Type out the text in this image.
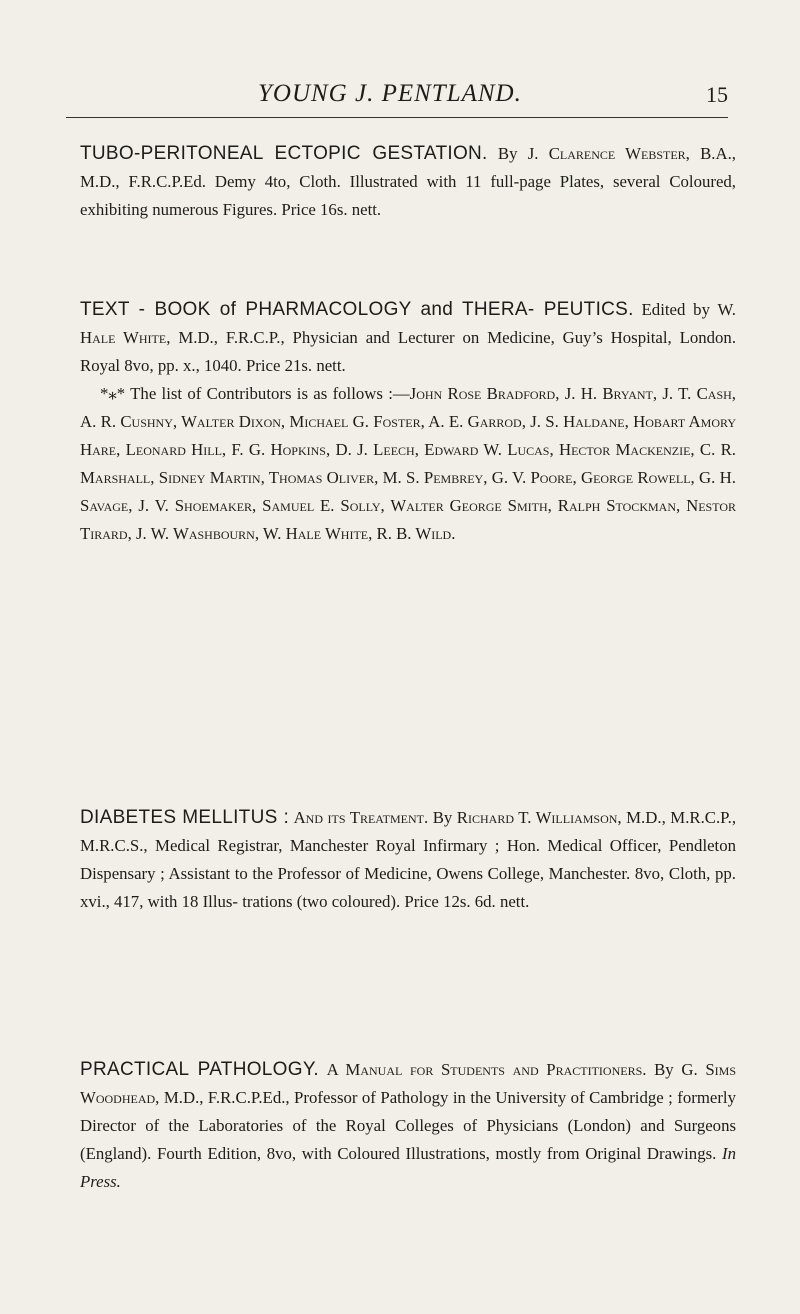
YOUNG J. PENTLAND.	15

TUBO-PERITONEAL ECTOPIC GESTATION. By J. Clarence Webster, B.A., M.D., F.R.C.P.Ed. Demy 4to, Cloth. Illustrated with 11 full-page Plates, several Coloured, exhibiting numerous Figures. Price 16s. nett.

TEXT - BOOK of PHARMACOLOGY and THERA- PEUTICS. Edited by W. Hale White, M.D., F.R.C.P., Physician and Lecturer on Medicine, Guy’s Hospital, London. Royal 8vo, pp. x., 1040. Price 21s. nett.

*⁎* The list of Contributors is as follows :—John Rose Bradford, J. H. Bryant, J. T. Cash, A. R. Cushny, Walter Dixon, Michael G. Foster, A. E. Garrod, J. S. Haldane, Hobart Amory Hare, Leonard Hill, F. G. Hopkins, D. J. Leech, Edward W. Lucas, Hector Mackenzie, C. R. Marshall, Sidney Martin, Thomas Oliver, M. S. Pembrey, G. V. Poore, George Rowell, G. H. Savage, J. V. Shoemaker, Samuel E. Solly, Walter George Smith, Ralph Stockman, Nestor Tirard, J. W. Washbourn, W. Hale White, R. B. Wild.

DIABETES MELLITUS : And its Treatment. By Richard T. Williamson, M.D., M.R.C.P., M.R.C.S., Medical Registrar, Manchester Royal Infirmary ; Hon. Medical Officer, Pendleton Dispensary ; Assistant to the Professor of Medicine, Owens College, Manchester. 8vo, Cloth, pp. xvi., 417, with 18 Illus- trations (two coloured). Price 12s. 6d. nett.

PRACTICAL PATHOLOGY. A Manual for Students and Practitioners. By G. Sims Woodhead, M.D., F.R.C.P.Ed., Professor of Pathology in the University of Cambridge ; formerly Director of the Laboratories of the Royal Colleges of Physicians (London) and Surgeons (England). Fourth Edition, 8vo, with Coloured Illustrations, mostly from Original Drawings. In Press.
